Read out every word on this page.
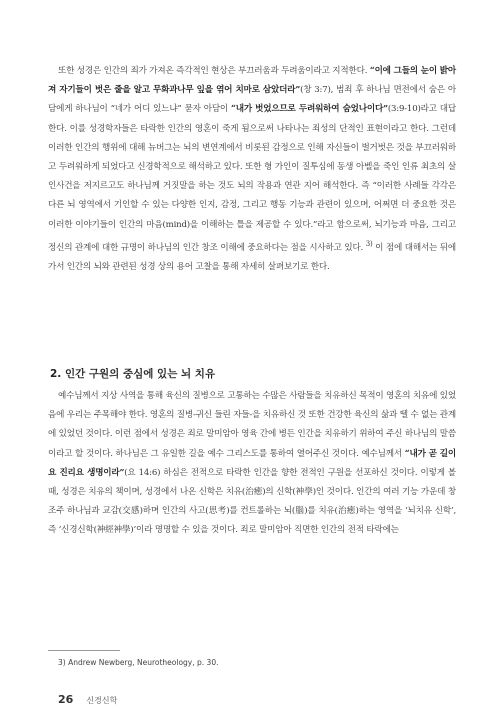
또한 성경은 인간의 죄가 가져온 즉각적인 현상은 부끄러움과 두려움이라고 지적한다. “이에 그들의 눈이 밝아져 자기들이 벗은 줄을 알고 무화과나무 잎을 엮어 치마로 삼았더라”(창 3:7), 범죄 후 하나님 면전에서 숨은 아담에게 하나님이 “네가 어디 있느냐” 묻자 아담이 “내가 벗었으므로 두려워하여 숨었나이다”(3:9-10)라고 대답한다. 이를 성경학자들은 타락한 인간의 영혼이 죽게 됨으로써 나타나는 죄성의 단적인 표현이라고 한다. 그런데 이러한 인간의 행위에 대해 뉴버그는 뇌의 변연계에서 비롯된 감정으로 인해 자신들이 벌거벗은 것을 부끄러워하고 두려워하게 되었다고 신경학적으로 해석하고 있다. 또한 형 가인이 질투심에 동생 아벨을 죽인 인류 최초의 살인사건을 저지르고도 하나님께 거짓말을 하는 것도 뇌의 작용과 연관 지어 해석한다. 즉 “이러한 사례들 각각은 다른 뇌 영역에서 기인할 수 있는 다양한 인지, 감정, 그리고 행동 기능과 관련이 있으며, 어쩌면 더 중요한 것은 이러한 이야기들이 인간의 마음(mind)을 이해하는 틀을 제공할 수 있다.”라고 함으로써, 뇌기능과 마음, 그리고 정신의 관계에 대한 규명이 하나님의 인간 창조 이해에 중요하다는 점을 시사하고 있다. $^{3)}$ 이 점에 대해서는 뒤에 가서 인간의 뇌와 관련된 성경 상의 용어 고찰을 통해 자세히 살펴보기로 한다.

2. 인간 구원의 중심에 있는 뇌 치유

예수님께서 지상 사역을 통해 육신의 질병으로 고통하는 수많은 사람들을 치유하신 목적이 영혼의 치유에 있었음에 우리는 주목해야 한다. 영혼의 질병-귀신 들린 자들-을 치유하신 것 또한 건강한 육신의 삶과 뗄 수 없는 관계에 있었던 것이다. 이런 점에서 성경은 죄로 말미암아 영육 간에 병든 인간을 치유하기 위하여 주신 하나님의 말씀이라고 할 것이다. 하나님은 그 유일한 길을 예수 그리스도를 통하여 열어주신 것이다. 예수님께서 “내가 곧 길이요 진리요 생명이라”(요 14:6) 하심은 전적으로 타락한 인간을 향한 전적인 구원을 선포하신 것이다. 이렇게 볼 때, 성경은 치유의 책이며, 성경에서 나온 신학은 치유(治癒)의 신학(神學)인 것이다. 인간의 여러 기능 가운데 창조주 하나님과 교감(交感)하며 인간의 사고(思考)를 컨트롤하는 뇌(腦)를 치유(治癒)하는 영역을 ‘뇌치유 신학’, 즉 ‘신경신학(神經神學)’이라 명명할 수 있을 것이다. 죄로 말미암아 직면한 인간의 전적 타락에는

3) Andrew Newberg, Neurotheology, p. 30.
26 신경신학
